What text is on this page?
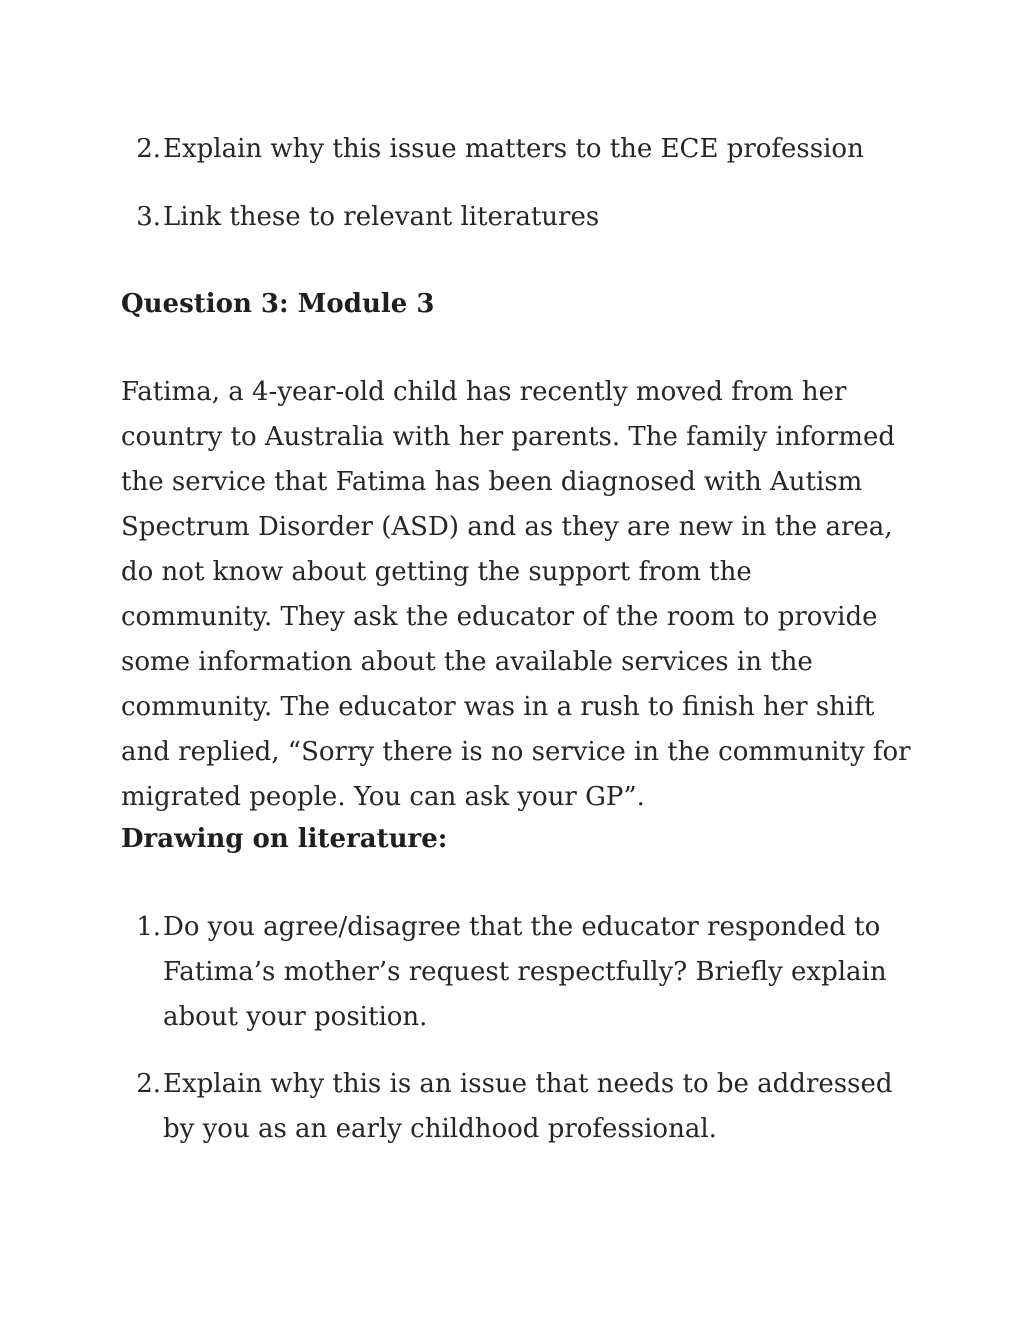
2. Explain why this issue matters to the ECE profession
3. Link these to relevant literatures
Question 3: Module 3
Fatima, a 4-year-old child has recently moved from her country to Australia with her parents. The family informed the service that Fatima has been diagnosed with Autism Spectrum Disorder (ASD) and as they are new in the area, do not know about getting the support from the community. They ask the educator of the room to provide some information about the available services in the community. The educator was in a rush to finish her shift and replied, “Sorry there is no service in the community for migrated people. You can ask your GP”.
Drawing on literature:
1. Do you agree/disagree that the educator responded to Fatima’s mother’s request respectfully? Briefly explain about your position.
2. Explain why this is an issue that needs to be addressed by you as an early childhood professional.
